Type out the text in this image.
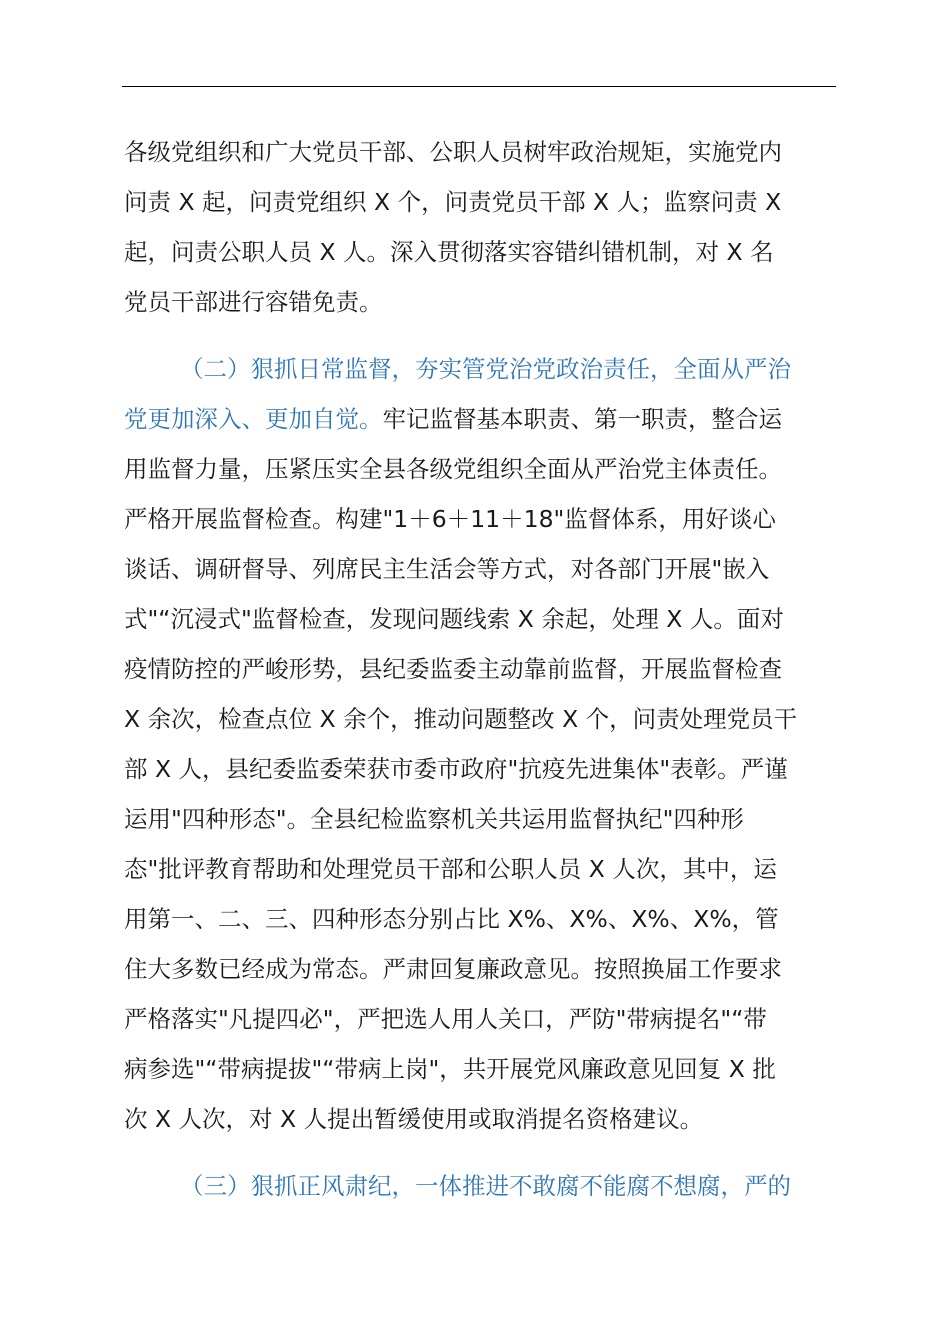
各级党组织和广大党员干部、公职人员树牢政治规矩，实施党内
问责 X 起，问责党组织 X 个，问责党员干部 X 人；监察问责 X
起，问责公职人员 X 人。深入贯彻落实容错纠错机制，对 X 名
党员干部进行容错免责。
（二）狠抓日常监督，夯实管党治党政治责任，全面从严治
党更加深入、更加自觉。牢记监督基本职责、第一职责，整合运
用监督力量，压紧压实全县各级党组织全面从严治党主体责任。
严格开展监督检查。构建"1＋6＋11＋18"监督体系，用好谈心
谈话、调研督导、列席民主生活会等方式，对各部门开展"嵌入
式"“沉浸式"监督检查，发现问题线索 X 余起，处理 X 人。面对
疫情防控的严峻形势，县纪委监委主动靠前监督，开展监督检查
X 余次，检查点位 X 余个，推动问题整改 X 个，问责处理党员干
部 X 人，县纪委监委荣获市委市政府"抗疫先进集体"表彰。严谨
运用"四种形态"。全县纪检监察机关共运用监督执纪"四种形
态"批评教育帮助和处理党员干部和公职人员 X 人次，其中，运
用第一、二、三、四种形态分别占比 X%、X%、X%、X%，管
住大多数已经成为常态。严肃回复廉政意见。按照换届工作要求
严格落实"凡提四必"，严把选人用人关口，严防"带病提名"“带
病参选"“带病提拔"“带病上岗"，共开展党风廉政意见回复 X 批
次 X 人次，对 X 人提出暂缓使用或取消提名资格建议。
（三）狠抓正风肃纪，一体推进不敢腐不能腐不想腐，严的
